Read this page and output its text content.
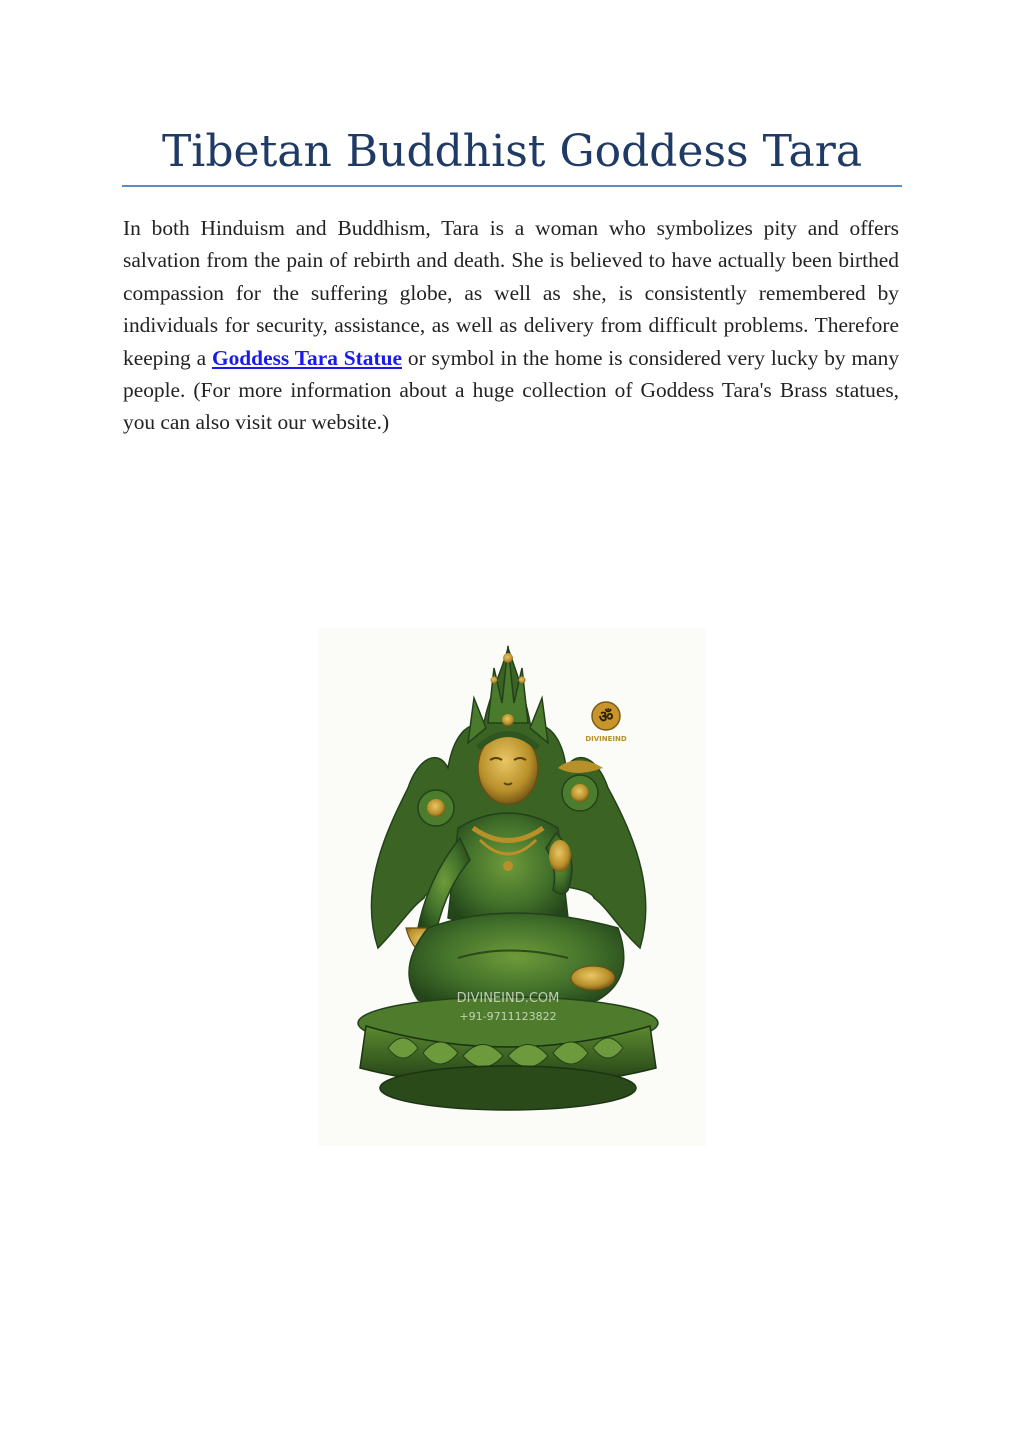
Tibetan Buddhist Goddess Tara

In both Hinduism and Buddhism, Tara is a woman who symbolizes pity and offers salvation from the pain of rebirth and death. She is believed to have actually been birthed compassion for the suffering globe, as well as she, is consistently remembered by individuals for security, assistance, as well as delivery from difficult problems. Therefore keeping a Goddess Tara Statue or symbol in the home is considered very lucky by many people. (For more information about a huge collection of Goddess Tara's Brass statues, you can also visit our website.)

ॐ
DIVINEIND
DIVINEIND.COM
+91-9711123822
